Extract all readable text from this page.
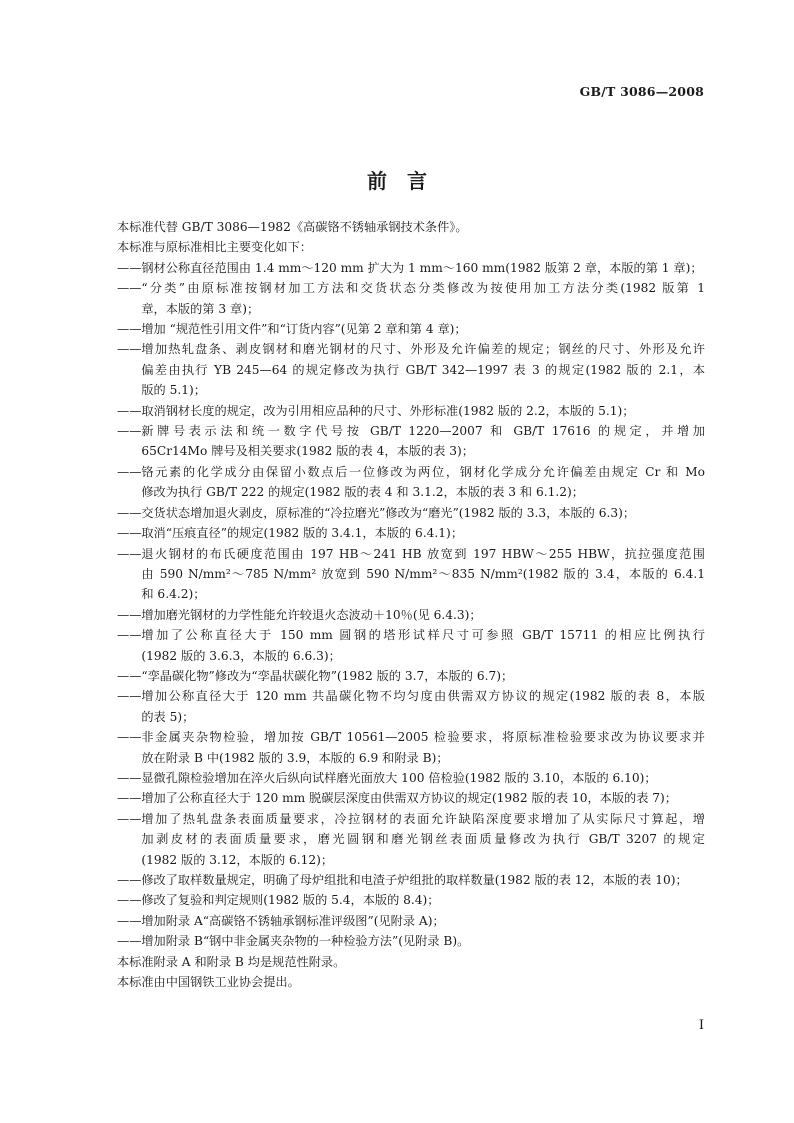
GB/T 3086—2008
前　言

本标准代替 GB/T 3086—1982《高碳铬不锈轴承钢技术条件》。

本标准与原标准相比主要变化如下：

—— 钢材公称直径范围由 1.4 mm～120 mm 扩大为 1 mm～160 mm(1982 版第 2 章，本版的第 1 章)；
—— “分类”由原标准按钢材加工方法和交货状态分类修改为按使用加工方法分类(1982 版第 1
章，本版的第 3 章)；
—— 增加 “规范性引用文件”和“订货内容”(见第 2 章和第 4 章)；
—— 增加热轧盘条、剥皮钢材和磨光钢材的尺寸、外形及允许偏差的规定；钢丝的尺寸、外形及允许
偏差由执行 YB 245—64 的规定修改为执行 GB/T 342—1997 表 3 的规定(1982 版的 2.1，本
版的 5.1)；
—— 取消钢材长度的规定，改为引用相应品种的尺寸、外形标准(1982 版的 2.2，本版的 5.1)；
—— 新牌号表示法和统一数字代号按 GB/T 1220—2007 和 GB/T 17616 的规定，并增加
65Cr14Mo 牌号及相关要求(1982 版的表 4，本版的表 3)；
—— 铬元素的化学成分由保留小数点后一位修改为两位，钢材化学成分允许偏差由规定 Cr 和 Mo
修改为执行 GB/T 222 的规定(1982 版的表 4 和 3.1.2，本版的表 3 和 6.1.2)；
—— 交货状态增加退火剥皮，原标准的“冷拉磨光”修改为“磨光”(1982 版的 3.3，本版的 6.3)；
—— 取消“压痕直径”的规定(1982 版的 3.4.1，本版的 6.4.1)；
—— 退火钢材的布氏硬度范围由 197 HB～241 HB 放宽到 197 HBW～255 HBW，抗拉强度范围
由 590 N/mm²～785 N/mm² 放宽到 590 N/mm²～835 N/mm²(1982 版的 3.4，本版的 6.4.1
和 6.4.2)；
—— 增加磨光钢材的力学性能允许较退火态波动＋10％(见 6.4.3)；
—— 增加了公称直径大于 150 mm 圆钢的塔形试样尺寸可参照 GB/T 15711 的相应比例执行
(1982 版的 3.6.3，本版的 6.6.3)；
—— “孪晶碳化物”修改为“孪晶状碳化物”(1982 版的 3.7，本版的 6.7)；
—— 增加公称直径大于 120 mm 共晶碳化物不均匀度由供需双方协议的规定(1982 版的表 8，本版
的表 5)；
—— 非金属夹杂物检验，增加按 GB/T 10561—2005 检验要求，将原标准检验要求改为协议要求并
放在附录 B 中(1982 版的 3.9，本版的 6.9 和附录 B)；
—— 显微孔隙检验增加在淬火后纵向试样磨光面放大 100 倍检验(1982 版的 3.10，本版的 6.10)；
—— 增加了公称直径大于 120 mm 脱碳层深度由供需双方协议的规定(1982 版的表 10，本版的表 7)；
—— 增加了热轧盘条表面质量要求，冷拉钢材的表面允许缺陷深度要求增加了从实际尺寸算起，增
加剥皮材的表面质量要求，磨光圆钢和磨光钢丝表面质量修改为执行 GB/T 3207 的规定
(1982 版的 3.12，本版的 6.12)；
—— 修改了取样数量规定，明确了母炉组批和电渣子炉组批的取样数量(1982 版的表 12，本版的表 10)；
—— 修改了复验和判定规则(1982 版的 5.4，本版的 8.4)；
—— 增加附录 A“高碳铬不锈轴承钢标准评级图”(见附录 A)；
—— 增加附录 B“钢中非金属夹杂物的一种检验方法”(见附录 B)。

本标准附录 A 和附录 B 均是规范性附录。

本标准由中国钢铁工业协会提出。

I
